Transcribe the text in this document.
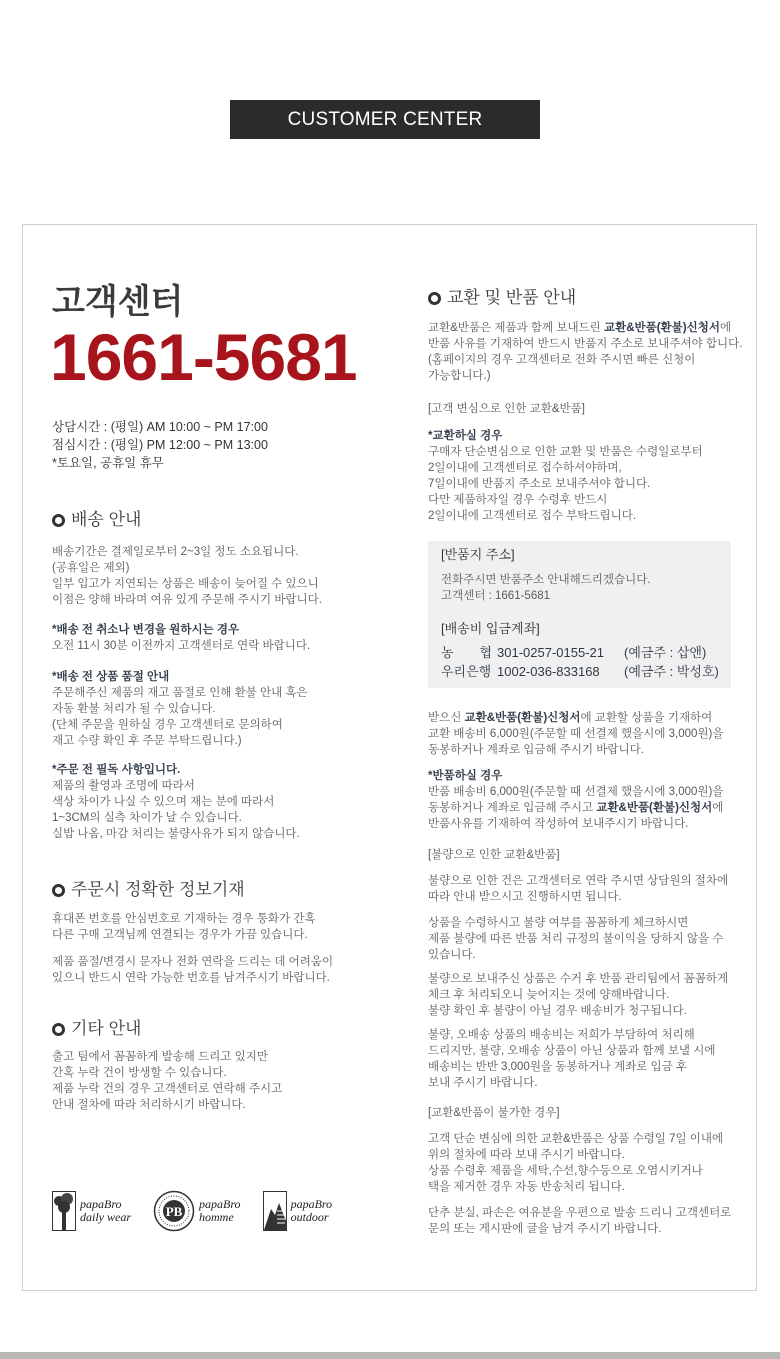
CUSTOMER CENTER
고객센터
1661-5681
상담시간 : (평일) AM 10:00 ~ PM 17:00
점심시간 : (평일) PM 12:00 ~ PM 13:00
*토요일, 공휴일 휴무
배송 안내
배송기간은 결제일로부터 2~3일 정도 소요됩니다.
(공휴일은 제외)
일부 입고가 지연되는 상품은 배송이 늦어질 수 있으니
이점은 양해 바라며 여유 있게 주문해 주시기 바랍니다.
*배송 전 취소나 변경을 원하시는 경우
오전 11시 30분 이전까지 고객센터로 연락 바랍니다.
*배송 전 상품 품절 안내
주문해주신 제품의 재고 품절로 인해 환불 안내 혹은
자동 환불 처리가 될 수 있습니다.
(단체 주문을 원하실 경우 고객센터로 문의하여
재고 수량 확인 후 주문 부탁드립니다.)
*주문 전 필독 사항입니다.
제품의 촬영과 조명에 따라서
색상 차이가 나실 수 있으며 재는 분에 따라서
1~3CM의 실측 차이가 날 수 있습니다.
실밥 나옴, 마감 처리는 불량사유가 되지 않습니다.
주문시 정확한 정보기재
휴대폰 번호를 안심번호로 기재하는 경우 통화가 간혹
다른 구매 고객님께 연결되는 경우가 가끔 있습니다.
제품 품절/변경시 문자나 전화 연락을 드리는 데 어려움이
있으니 반드시 연락 가능한 번호를 남겨주시기 바랍니다.
기타 안내
출고 팀에서 꼼꼼하게 발송해 드리고 있지만
간혹 누락 건이 방생할 수 있습니다.
제품 누락 건의 경우 고객센터로 연락해 주시고
안내 절차에 따라 처리하시기 바랍니다.
[반품지 주소]
전화주시면 반품주소 안내해드리겠습니다.
고객센터 : 1661-5681
[배송비 입금계좌]
농　　협 301-0257-0155-21 (예금주 : 삽앤)
우리은행 1002-036-833168 (예금주 : 박성호)
교환 및 반품 안내
교환&반품은 제품과 함께 보내드린 교환&반품(환불)신청서에
반품 사유를 기재하여 반드시 반품지 주소로 보내주셔야 합니다.
(홈페이지의 경우 고객센터로 전화 주시면 빠른 신청이
가능합니다.)
[고객 변심으로 인한 교환&반품]
*교환하실 경우
구매자 단순변심으로 인한 교환 및 반품은 수령일로부터
2일이내에 고객센터로 접수하셔야하며,
7일이내에 반품지 주소로 보내주셔야 합니다.
다만 제품하자일 경우 수령후 반드시
2일이내에 고객센터로 접수 부탁드립니다.
받으신 교환&반품(환불)신청서에 교환할 상품을 기재하여
교환 배송비 6,000원(주문할 때 선결제 했을시에 3,000원)을
동봉하거나 계좌로 입금해 주시기 바랍니다.
*반품하실 경우
반품 배송비 6,000원(주문할 때 선결제 했을시에 3,000원)을
동봉하거나 계좌로 입금해 주시고 교환&반품(환불)신청서에
반품사유를 기재하여 작성하여 보내주시기 바랍니다.
[불량으로 인한 교환&반품]
불량으로 인한 건은 고객센터로 연락 주시면 상담원의 절차에
따라 안내 받으시고 진행하시면 됩니다.
상품을 수령하시고 불량 여부를 꼼꼼하게 체크하시면
제품 불량에 따른 반품 처리 규정의 불이익을 당하지 않을 수
있습니다.
불량으로 보내주신 상품은 수거 후 반품 관리팀에서 꼼꼼하게
체크 후 처리되오니 늦어지는 것에 양해바랍니다.
불량 확인 후 불량이 아닐 경우 배송비가 청구됩니다.
불량, 오배송 상품의 배송비는 저희가 부담하여 처리해
드리지만, 불량, 오배송 상품이 아닌 상품과 함께 보낼 시에
배송비는 반반 3,000원을 동봉하거나 계좌로 입금 후
보내 주시기 바랍니다.
[교환&반품이 불가한 경우]
고객 단순 변심에 의한 교환&반품은 상품 수령일 7일 이내에
위의 절차에 따라 보내 주시기 바랍니다.
상품 수령후 제품을 세탁,수선,향수등으로 오염시키거나
택을 제거한 경우 자동 반송처리 됩니다.
단추 분실, 파손은 여유분을 우편으로 발송 드리니 고객센터로
문의 또는 게시판에 글을 남겨 주시기 바랍니다.
papaBro
daily wear	PB papaBro
homme
papaBro
outdoor
